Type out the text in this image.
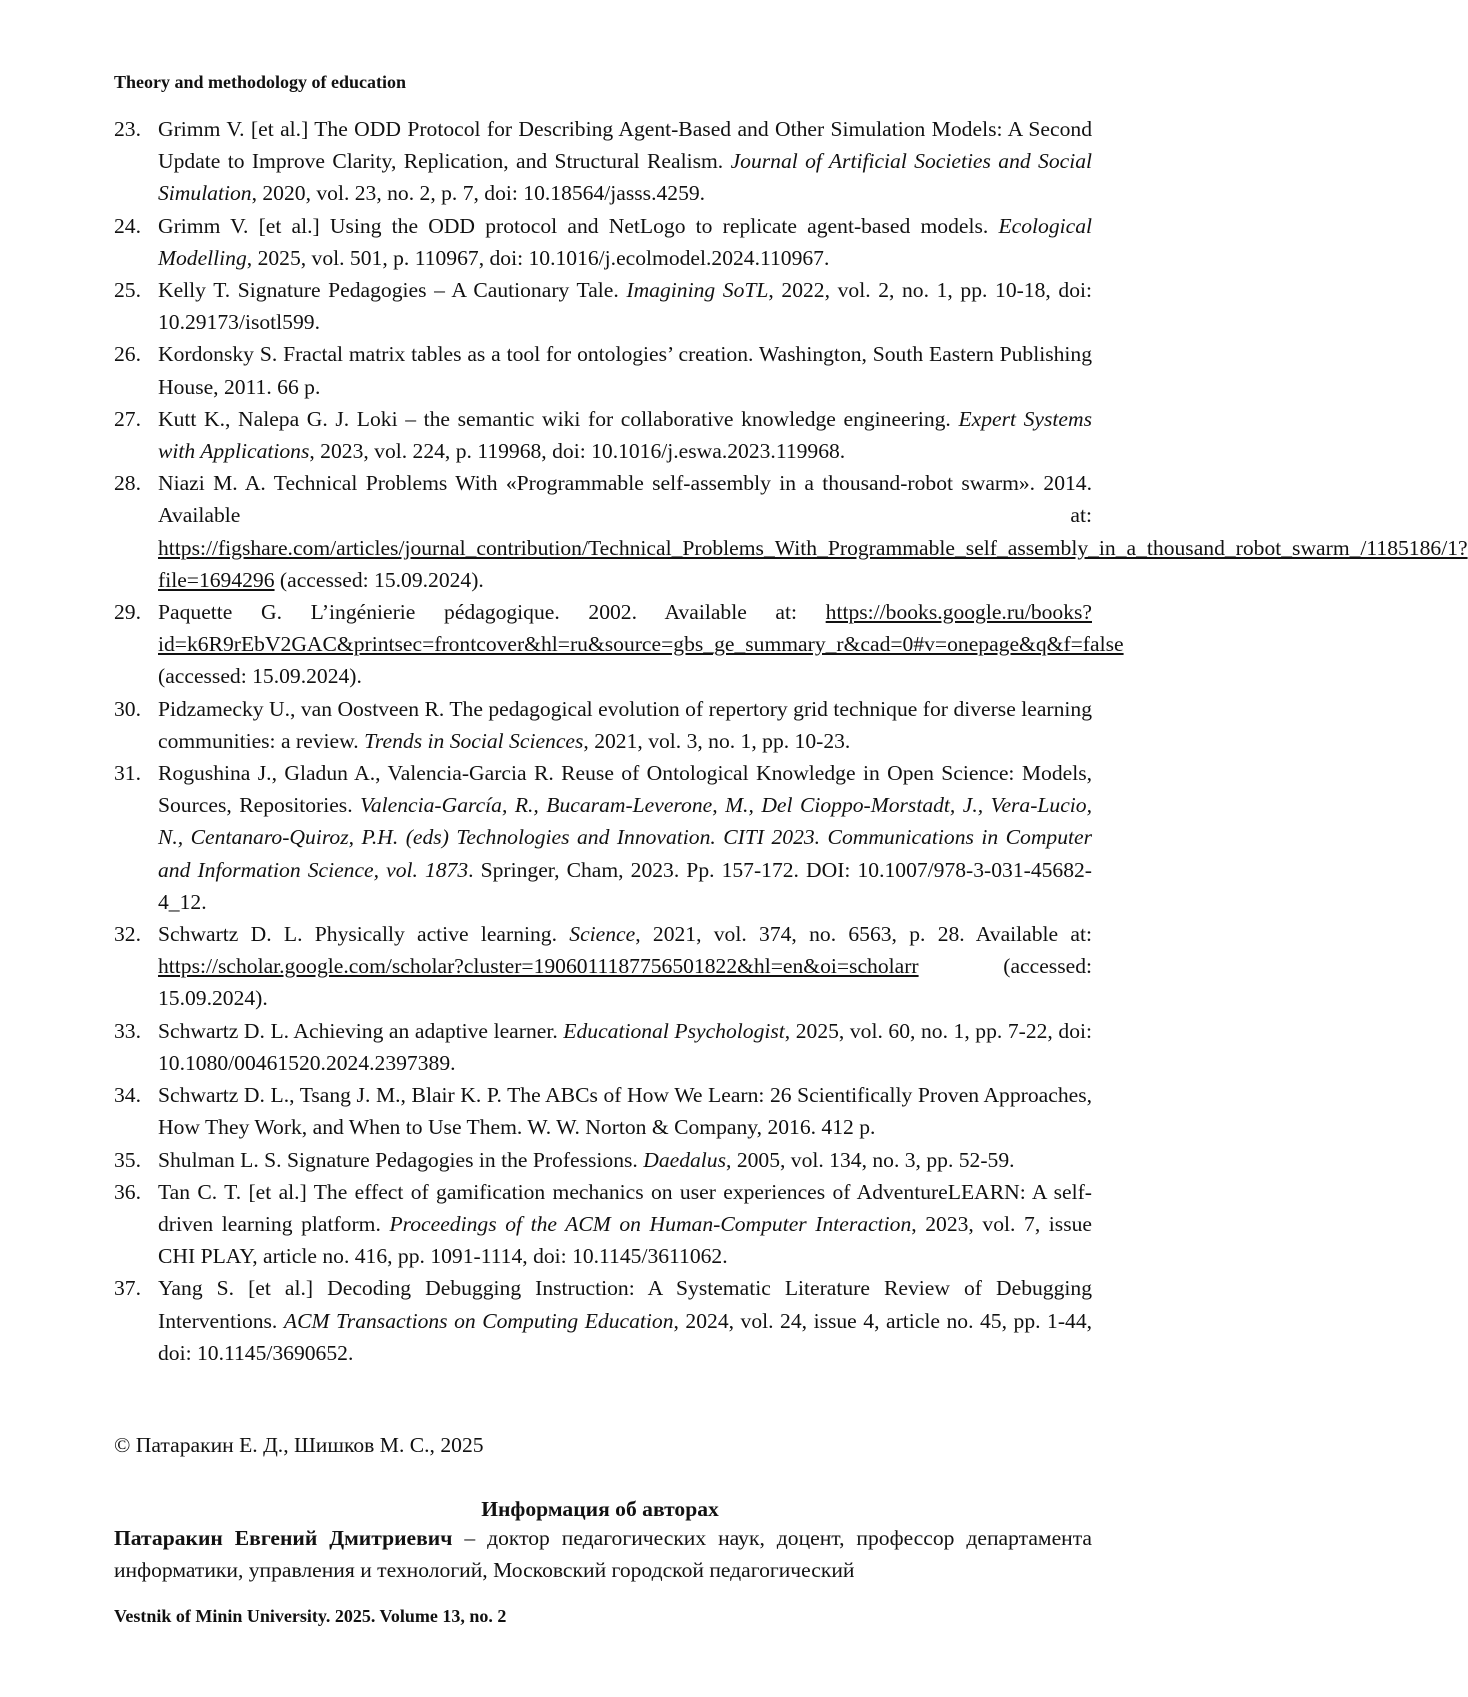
Theory and methodology of education
23. Grimm V. [et al.] The ODD Protocol for Describing Agent-Based and Other Simulation Models: A Second Update to Improve Clarity, Replication, and Structural Realism. Journal of Artificial Societies and Social Simulation, 2020, vol. 23, no. 2, p. 7, doi: 10.18564/jasss.4259.
24. Grimm V. [et al.] Using the ODD protocol and NetLogo to replicate agent-based models. Ecological Modelling, 2025, vol. 501, p. 110967, doi: 10.1016/j.ecolmodel.2024.110967.
25. Kelly T. Signature Pedagogies – A Cautionary Tale. Imagining SoTL, 2022, vol. 2, no. 1, pp. 10-18, doi: 10.29173/isotl599.
26. Kordonsky S. Fractal matrix tables as a tool for ontologies’ creation. Washington, South Eastern Publishing House, 2011. 66 p.
27. Kutt K., Nalepa G. J. Loki – the semantic wiki for collaborative knowledge engineering. Expert Systems with Applications, 2023, vol. 224, p. 119968, doi: 10.1016/j.eswa.2023.119968.
28. Niazi M. A. Technical Problems With «Programmable self-assembly in a thousand-robot swarm». 2014. Available at: https://figshare.com/articles/journal_contribution/Technical_Problems_With_Programmable_self_assembly_in_a_thousand_robot_swarm_/1185186/1?file=1694296 (accessed: 15.09.2024).
29. Paquette G. L’ingénierie pédagogique. 2002. Available at: https://books.google.ru/books?id=k6R9rEbV2GAC&printsec=frontcover&hl=ru&source=gbs_ge_summary_r&cad=0#v=onepage&q&f=false (accessed: 15.09.2024).
30. Pidzamecky U., van Oostveen R. The pedagogical evolution of repertory grid technique for diverse learning communities: a review. Trends in Social Sciences, 2021, vol. 3, no. 1, pp. 10-23.
31. Rogushina J., Gladun A., Valencia-Garcia R. Reuse of Ontological Knowledge in Open Science: Models, Sources, Repositories. Valencia-García, R., Bucaram-Leverone, M., Del Cioppo-Morstadt, J., Vera-Lucio, N., Centanaro-Quiroz, P.H. (eds) Technologies and Innovation. CITI 2023. Communications in Computer and Information Science, vol. 1873. Springer, Cham, 2023. Pp. 157-172. DOI: 10.1007/978-3-031-45682-4_12.
32. Schwartz D. L. Physically active learning. Science, 2021, vol. 374, no. 6563, p. 28. Available at: https://scholar.google.com/scholar?cluster=1906011187756501822&hl=en&oi=scholarr (accessed: 15.09.2024).
33. Schwartz D. L. Achieving an adaptive learner. Educational Psychologist, 2025, vol. 60, no. 1, pp. 7-22, doi: 10.1080/00461520.2024.2397389.
34. Schwartz D. L., Tsang J. M., Blair K. P. The ABCs of How We Learn: 26 Scientifically Proven Approaches, How They Work, and When to Use Them. W. W. Norton & Company, 2016. 412 p.
35. Shulman L. S. Signature Pedagogies in the Professions. Daedalus, 2005, vol. 134, no. 3, pp. 52-59.
36. Tan C. T. [et al.] The effect of gamification mechanics on user experiences of AdventureLEARN: A self-driven learning platform. Proceedings of the ACM on Human-Computer Interaction, 2023, vol. 7, issue CHI PLAY, article no. 416, pp. 1091-1114, doi: 10.1145/3611062.
37. Yang S. [et al.] Decoding Debugging Instruction: A Systematic Literature Review of Debugging Interventions. ACM Transactions on Computing Education, 2024, vol. 24, issue 4, article no. 45, pp. 1-44, doi: 10.1145/3690652.
© Патаракин Е. Д., Шишков М. С., 2025
Информация об авторах
Патаракин Евгений Дмитриевич – доктор педагогических наук, доцент, профессор департамента информатики, управления и технологий, Московский городской педагогический
Vestnik of Minin University. 2025. Volume 13, no. 2
